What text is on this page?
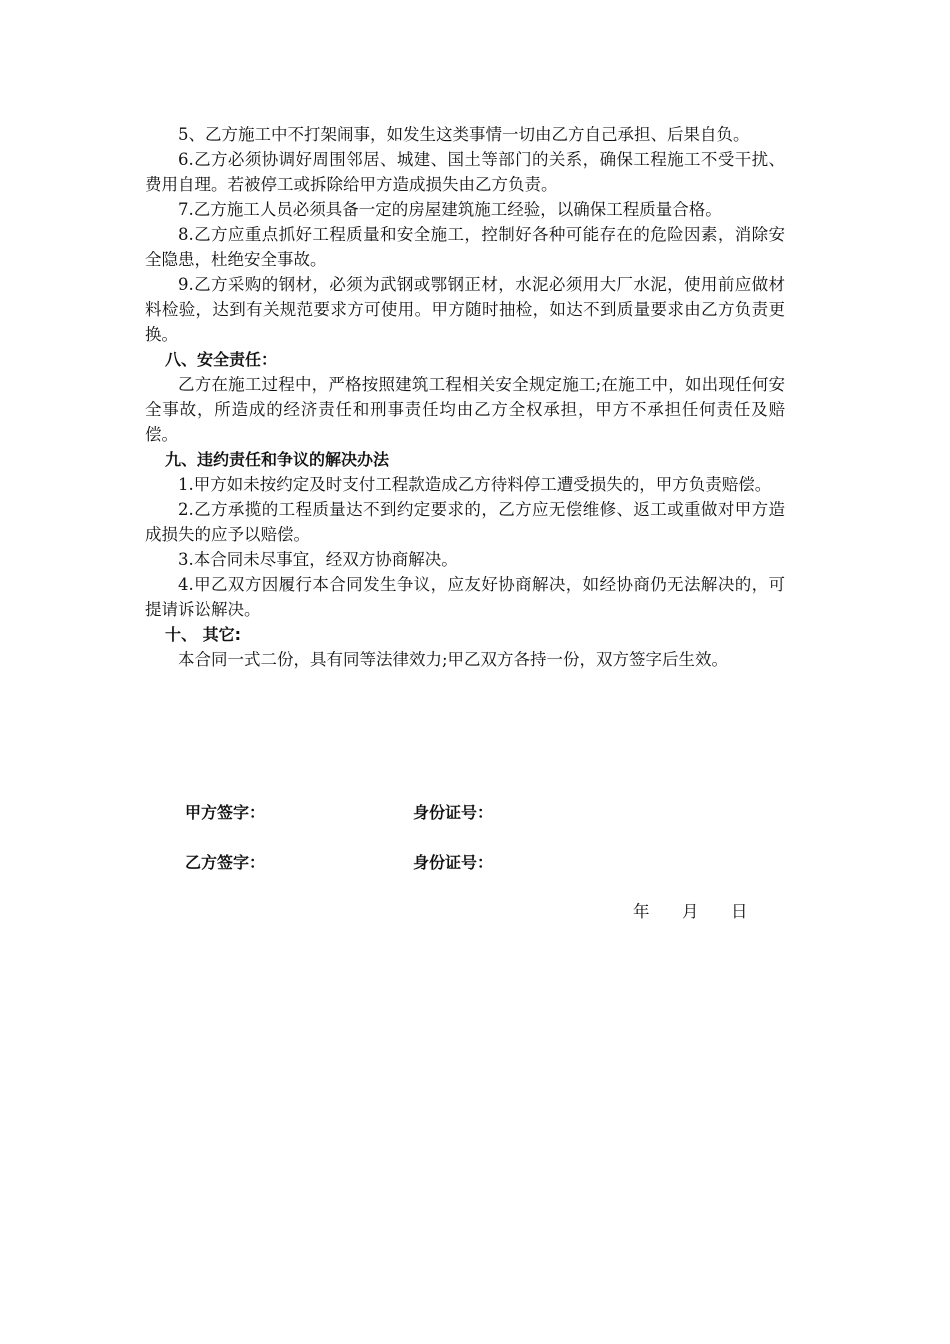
5、乙方施工中不打架闹事，如发生这类事情一切由乙方自己承担、后果自负。

6.乙方必须协调好周围邻居、城建、国土等部门的关系，确保工程施工不受干扰、费用自理。若被停工或拆除给甲方造成损失由乙方负责。

7.乙方施工人员必须具备一定的房屋建筑施工经验，以确保工程质量合格。

8.乙方应重点抓好工程质量和安全施工，控制好各种可能存在的危险因素，消除安全隐患，杜绝安全事故。

9.乙方采购的钢材，必须为武钢或鄂钢正材，水泥必须用大厂水泥，使用前应做材料检验，达到有关规范要求方可使用。甲方随时抽检，如达不到质量要求由乙方负责更换。

八、安全责任：

乙方在施工过程中，严格按照建筑工程相关安全规定施工;在施工中，如出现任何安全事故，所造成的经济责任和刑事责任均由乙方全权承担，甲方不承担任何责任及赔偿。

九、违约责任和争议的解决办法

1.甲方如未按约定及时支付工程款造成乙方待料停工遭受损失的，甲方负责赔偿。

2.乙方承揽的工程质量达不到约定要求的，乙方应无偿维修、返工或重做对甲方造成损失的应予以赔偿。

3.本合同未尽事宜，经双方协商解决。

4.甲乙双方因履行本合同发生争议，应友好协商解决，如经协商仍无法解决的，可提请诉讼解决。

十、 其它:

本合同一式二份，具有同等法律效力;甲乙双方各持一份，双方签字后生效。

甲方签字：	身份证号：
乙方签字：	身份证号：
年 月 日
